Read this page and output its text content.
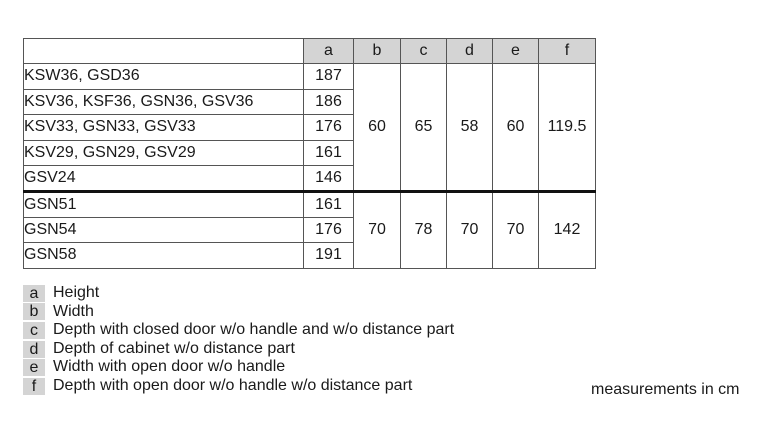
	a	b	c	d	e	f
KSW36, GSD36	187	60	65	58	60	119.5
KSV36, KSF36, GSN36, GSV36	186					
KSV33, GSN33, GSV33	176					
KSV29, GSN29, GSV29	161					
GSV24	146					
GSN51	161	70	78	70	70	142
GSN54	176					
GSN58	191					
a Height
b Width
c Depth with closed door w/o handle and w/o distance part
d Depth of cabinet w/o distance part
e Width with open door w/o handle
f	Depth with open door w/o handle w/o distance part	measurements in cm
